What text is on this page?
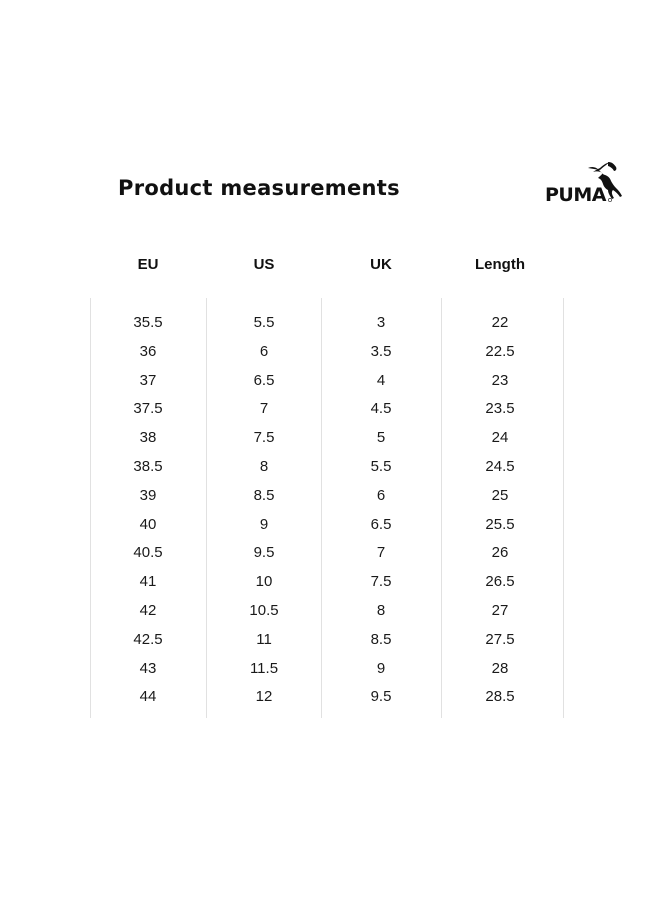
Product measurements	PUMA
EU	US	UK	Length
35.5	5.5	3	22
36	6	3.5	22.5
37	6.5	4	23
37.5	7	4.5	23.5
38	7.5	5	24
38.5	8	5.5	24.5
39	8.5	6	25
40	9	6.5	25.5
40.5	9.5	7	26
41	10	7.5	26.5
42	10.5	8	27
42.5	11	8.5	27.5
43	11.5	9	28
44	12	9.5	28.5
